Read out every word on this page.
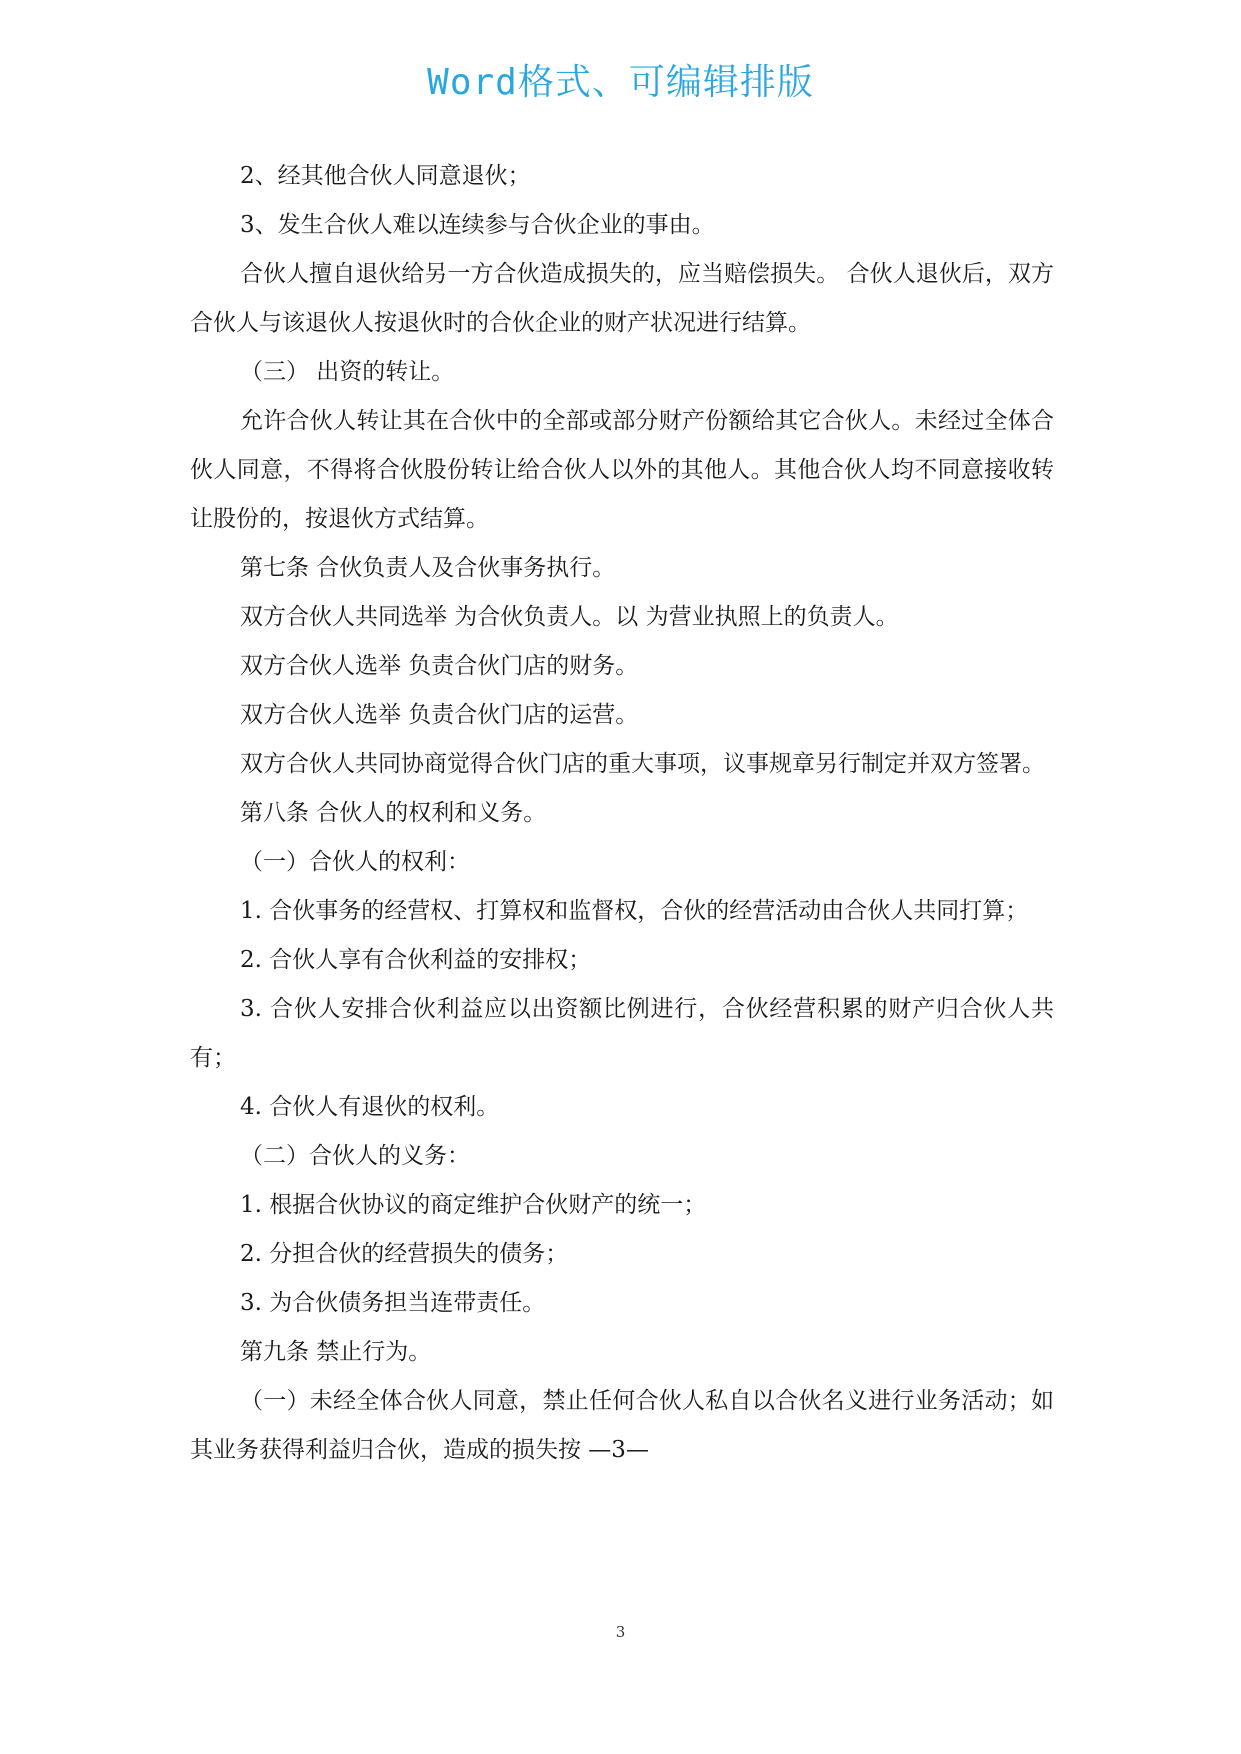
Word格式、可编辑排版

2、经其他合伙人同意退伙；

3、发生合伙人难以连续参与合伙企业的事由。

合伙人擅自退伙给另一方合伙造成损失的，应当赔偿损失。 合伙人退伙后，双方合伙人与该退伙人按退伙时的合伙企业的财产状况进行结算。

（三） 出资的转让。

允许合伙人转让其在合伙中的全部或部分财产份额给其它合伙人。未经过全体合伙人同意，不得将合伙股份转让给合伙人以外的其他人。其他合伙人均不同意接收转让股份的，按退伙方式结算。

第七条 合伙负责人及合伙事务执行。

双方合伙人共同选举 为合伙负责人。以 为营业执照上的负责人。

双方合伙人选举 负责合伙门店的财务。

双方合伙人选举 负责合伙门店的运营。

双方合伙人共同协商觉得合伙门店的重大事项，议事规章另行制定并双方签署。

第八条 合伙人的权利和义务。

（一）合伙人的权利：

1. 合伙事务的经营权、打算权和监督权，合伙的经营活动由合伙人共同打算；

2. 合伙人享有合伙利益的安排权；

3. 合伙人安排合伙利益应以出资额比例进行，合伙经营积累的财产归合伙人共有；

4. 合伙人有退伙的权利。

（二）合伙人的义务：

1. 根据合伙协议的商定维护合伙财产的统一；

2. 分担合伙的经营损失的债务；

3. 为合伙债务担当连带责任。

第九条 禁止行为。

（一）未经全体合伙人同意，禁止任何合伙人私自以合伙名义进行业务活动；如其业务获得利益归合伙，造成的损失按 —3—

3
